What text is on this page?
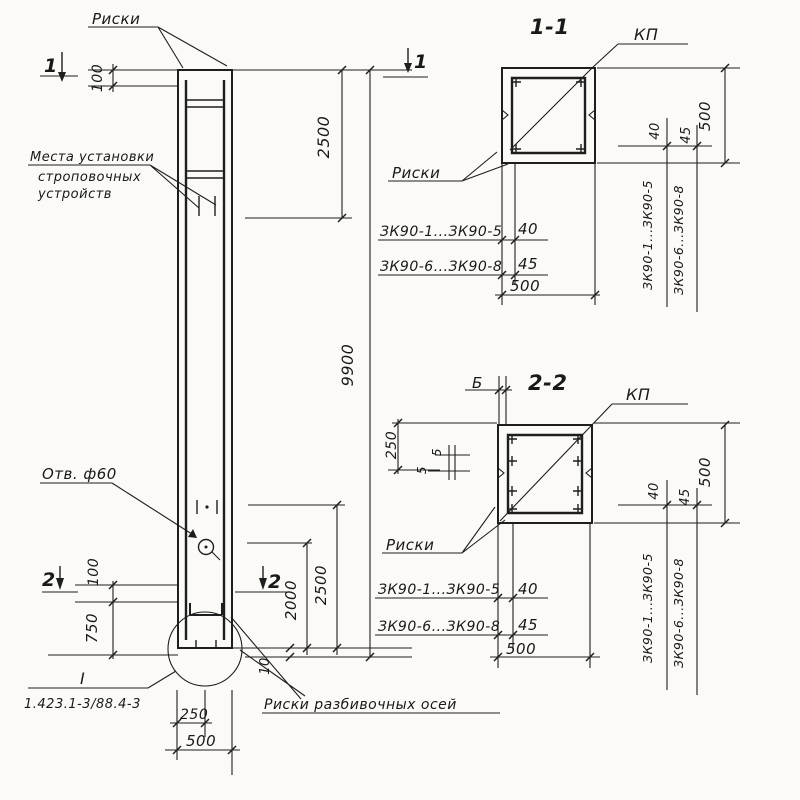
Риски
1	1
2	2
Места установки
строповочных
устройств
Отв. ф60
Риски разбивочных осей
I
1.423.1-3/88.4-3
100
2500
9900
100
750
2000 2500
10
250
500
1-1	КП
Риски
ЗК90-1...ЗК90-5 40
ЗК90-6...ЗК90-8 45
500
500
40 45
ЗК90-1...ЗК90-5 ЗК90-6...ЗК90-8
2-2
Б
КП
Риски
250	5
5
ЗК90-1...ЗК90-5 40
ЗК90-6...ЗК90-8 45
500
500
40 45
ЗК90-1...ЗК90-5 ЗК90-6...ЗК90-8
